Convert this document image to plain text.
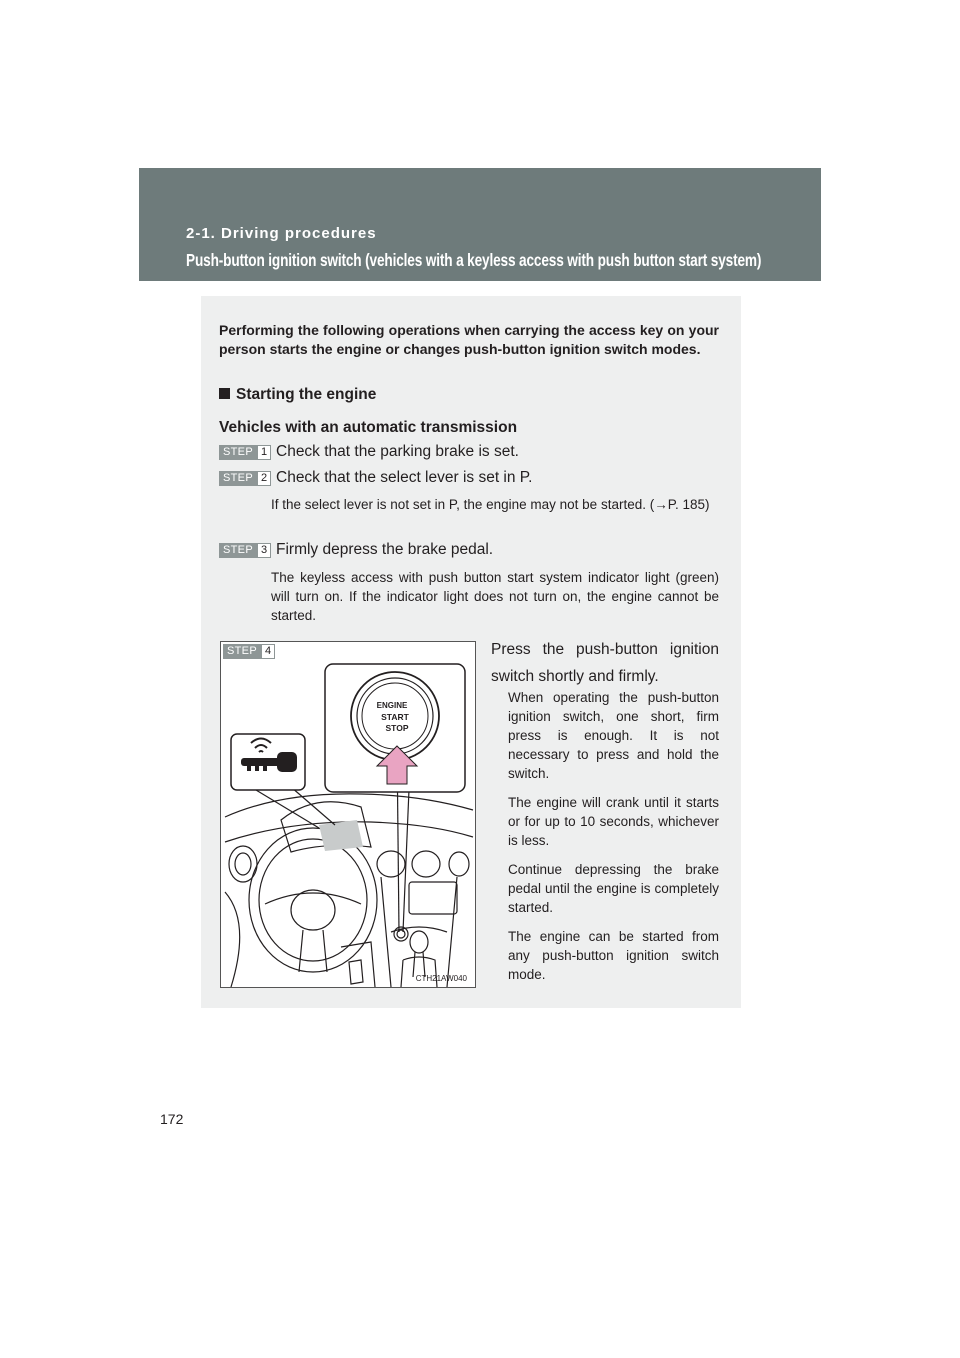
2-1. Driving procedures
Push-button ignition switch (vehicles with a keyless access with push button start system)
Performing the following operations when carrying the access key on your person starts the engine or changes push-button ignition switch modes.
Starting the engine
Vehicles with an automatic transmission
STEP 1 Check that the parking brake is set.
STEP 2 Check that the select lever is set in P.
If the select lever is not set in P, the engine may not be started. (→P. 185)
STEP 3 Firmly depress the brake pedal.
The keyless access with push button start system indicator light (green) will turn on. If the indicator light does not turn on, the engine cannot be started.
ENGINE
START
STOP
STEP 4
CTH21AW040
Press the push-button ignition switch shortly and firmly.

When operating the push-button ignition switch, one short, firm press is enough. It is not necessary to press and hold the switch.

The engine will crank until it starts or for up to 10 seconds, whichever is less.

Continue depressing the brake pedal until the engine is completely started.

The engine can be started from any push-button ignition switch mode.

172
